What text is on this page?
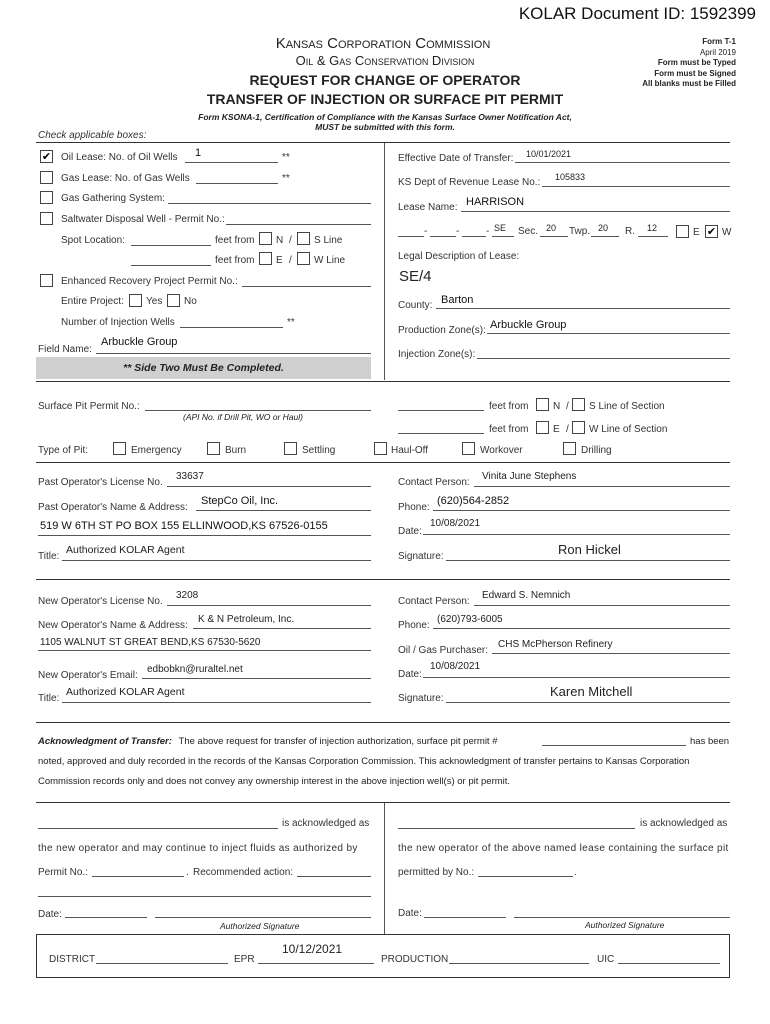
KOLAR Document ID: 1592399
Kansas Corporation Commission
Oil & Gas Conservation Division
Form T-1
April 2019
Form must be Typed
Form must be Signed
All blanks must be Filled
REQUEST FOR CHANGE OF OPERATOR
TRANSFER OF INJECTION OR SURFACE PIT PERMIT
Form KSONA-1, Certification of Compliance with the Kansas Surface Owner Notification Act,
MUST be submitted with this form.
Check applicable boxes:
✔ Oil Lease: No. of Oil Wells 1	**
Gas Lease: No. of Gas Wells	**
Gas Gathering System:
Saltwater Disposal Well - Permit No.:
Spot Location:	feet from N / S Line
feet from E / W Line
Enhanced Recovery Project Permit No.:
Entire Project: Yes No
Number of Injection Wells	**
Field Name:
Arbuckle Group
** Side Two Must Be Completed.
Effective Date of Transfer: 10/01/2021
KS Dept of Revenue Lease No.: 105833
Lease Name: HARRISON
-	-	- SE Sec. 20 Twp. 20 R. 12	E ✔ W
Legal Description of Lease:
SE/4
County: Barton
Production Zone(s): Arbuckle Group
Injection Zone(s):
Surface Pit Permit No.:
(API No. if Drill Pit, WO or Haul)
feet from N / S Line of Section
feet from E / W Line of Section
Type of Pit:	Emergency	Burn	Settling	Haul-Off	Workover	Drilling
Past Operator's License No.
33637
Past Operator's Name & Address:
StepCo Oil, Inc.
519 W 6TH ST PO BOX 155 ELLINWOOD,KS 67526-0155
Title:
Authorized KOLAR Agent
Contact Person:
Vinita June Stephens
Phone:
(620)564-2852
Date:
10/08/2021
Signature:	Ron Hickel
New Operator's License No.
3208
New Operator's Name & Address:
K & N Petroleum, Inc.
1105 WALNUT ST GREAT BEND,KS 67530-5620
New Operator's Email:
edbobkn@ruraltel.net
Title:
Authorized KOLAR Agent
Contact Person:
Edward S. Nemnich
Phone:
(620)793-6005
Oil / Gas Purchaser:
CHS McPherson Refinery
Date:
10/08/2021
Signature:	Karen Mitchell
Acknowledgment of Transfer: The above request for transfer of injection authorization, surface pit permit #	has been
noted, approved and duly recorded in the records of the Kansas Corporation Commission. This acknowledgment of transfer pertains to Kansas Corporation
Commission records only and does not convey any ownership interest in the above injection well(s) or pit permit.
is acknowledged as
the new operator and may continue to inject fluids as authorized by
Permit No.:	. Recommended action:
Date:
Authorized Signature
is acknowledged as
the new operator of the above named lease containing the surface pit
permitted by No.:	.
Date:
Authorized Signature
DISTRICT	EPR
10/12/2021
PRODUCTION	UIC
